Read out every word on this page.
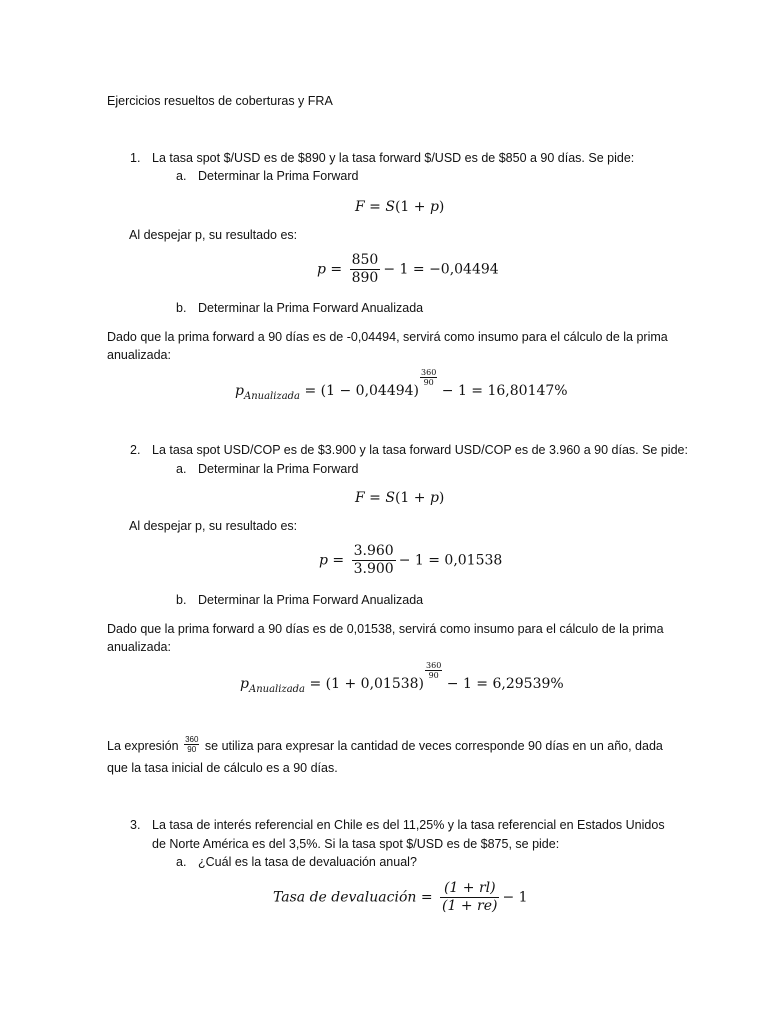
Ejercicios resueltos de coberturas y FRA
1. La tasa spot $/USD es de $890 y la tasa forward $/USD es de $850 a 90 días. Se pide:
a. Determinar la Prima Forward
F = S(1 + p)
Al despejar p, su resultado es:
$p = \frac{850}{890} - 1 = -0,04494$
b. Determinar la Prima Forward Anualizada
Dado que la prima forward a 90 días es de -0,04494, servirá como insumo para el cálculo de la prima
anualizada:
$p_{Anualizada} = (1 - 0,04494)$
$\frac{360}{90}$
− 1 = 16,80147%
2. La tasa spot USD/COP es de $3.900 y la tasa forward USD/COP es de 3.960 a 90 días. Se pide:
a. Determinar la Prima Forward
F = S(1 + p)
Al despejar p, su resultado es:
$p = \frac{3.960}{3.900} - 1 = 0,01538$
b. Determinar la Prima Forward Anualizada
Dado que la prima forward a 90 días es de 0,01538, servirá como insumo para el cálculo de la prima
anualizada:
$p_{Anualizada} = (1 + 0,01538)$
$\frac{360}{90}$
− 1 = 6,29539%
La expresión $\frac{360}{90}$ se utiliza para expresar la cantidad de veces corresponde 90 días en un año, dada
que la tasa inicial de cálculo es a 90 días.
3. La tasa de interés referencial en Chile es del 11,25% y la tasa referencial en Estados Unidos
de Norte América es del 3,5%. Si la tasa spot $/USD es de $875, se pide:
a. ¿Cuál es la tasa de devaluación anual?
Tasa de devaluación = $\frac{(1 + rl)}{(1 + re)} - 1$
